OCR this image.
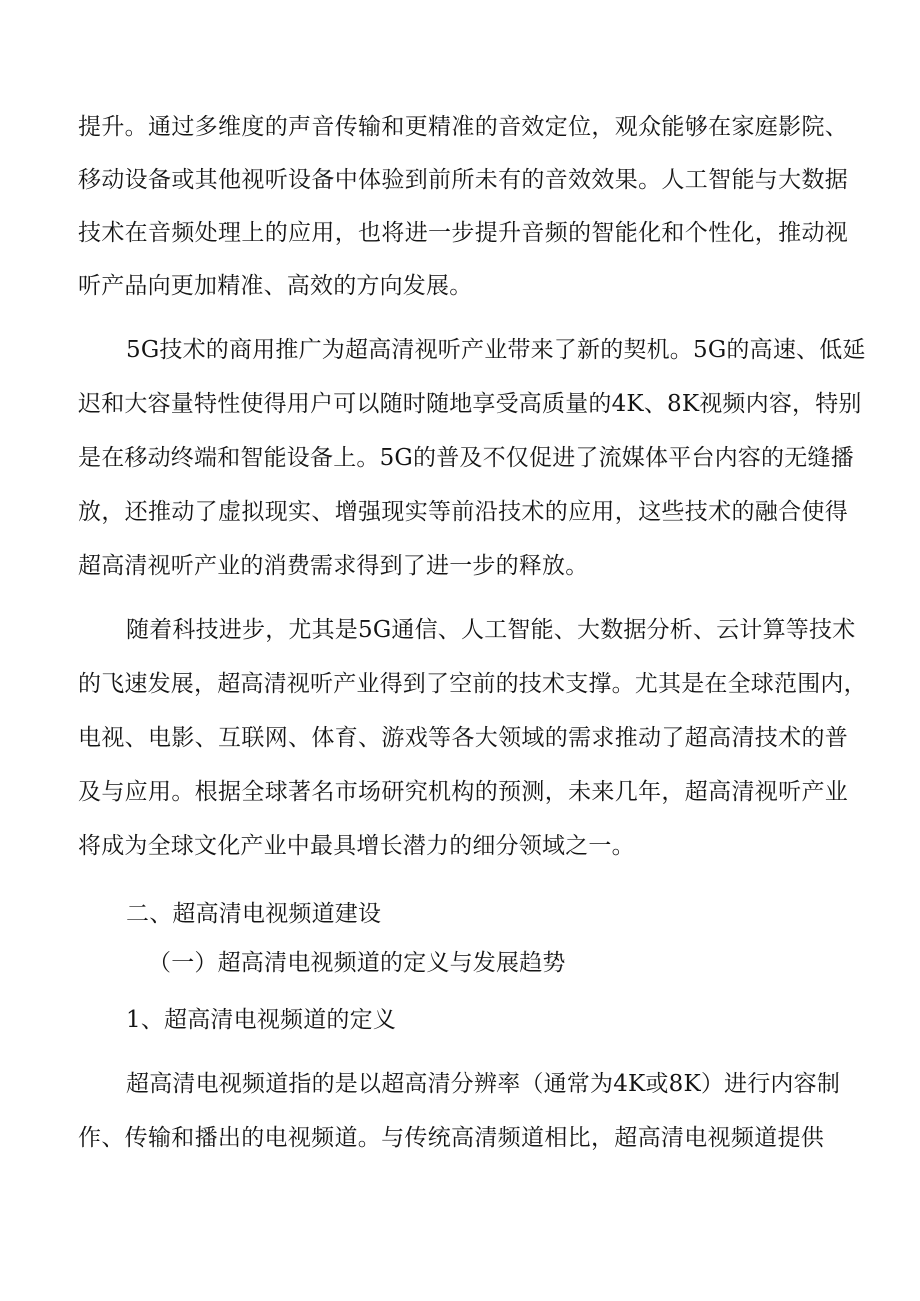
提升。通过多维度的声音传输和更精准的音效定位，观众能够在家庭影院、

移动设备或其他视听设备中体验到前所未有的音效效果。人工智能与大数据

技术在音频处理上的应用，也将进一步提升音频的智能化和个性化，推动视

听产品向更加精准、高效的方向发展。

5G技术的商用推广为超高清视听产业带来了新的契机。5G的高速、低延

迟和大容量特性使得用户可以随时随地享受高质量的4K、8K视频内容，特别

是在移动终端和智能设备上。5G的普及不仅促进了流媒体平台内容的无缝播

放，还推动了虚拟现实、增强现实等前沿技术的应用，这些技术的融合使得

超高清视听产业的消费需求得到了进一步的释放。

随着科技进步，尤其是5G通信、人工智能、大数据分析、云计算等技术

的飞速发展，超高清视听产业得到了空前的技术支撑。尤其是在全球范围内，

电视、电影、互联网、体育、游戏等各大领域的需求推动了超高清技术的普

及与应用。根据全球著名市场研究机构的预测，未来几年，超高清视听产业

将成为全球文化产业中最具增长潜力的细分领域之一。

二、超高清电视频道建设
（一）超高清电视频道的定义与发展趋势
1、超高清电视频道的定义

超高清电视频道指的是以超高清分辨率（通常为4K或8K）进行内容制

作、传输和播出的电视频道。与传统高清频道相比，超高清电视频道提供
